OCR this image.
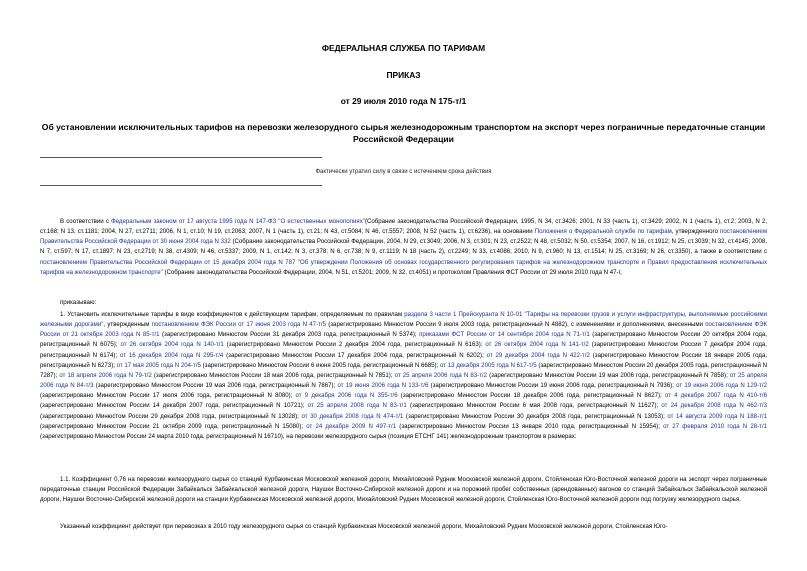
ФЕДЕРАЛЬНАЯ СЛУЖБА ПО ТАРИФАМ
ПРИКАЗ
от 29 июля 2010 года N 175-т/1
Об установлении исключительных тарифов на перевозки железорудного сырья железнодорожным транспортом на экспорт через пограничные передаточные станции Российской Федерации
Фактически утратил силу в связи с истечением срока действия
В соответствии с Федеральным законом от 17 августа 1995 года N 147-ФЗ "О естественных монополиях"(Собрание законодательства Российской Федерации, 1995, N 34, ст.3426; 2001, N 33 (часть 1), ст.3429; 2002, N 1 (часть 1), ст.2; 2003, N 2, ст.168; N 13, ст.1181; 2004, N 27, ст.2711; 2006, N 1, ст.10; N 19, ст.2063; 2007, N 1 (часть 1), ст.21; N 43, ст.5084; N 46, ст.5557; 2008, N 52 (часть 1), ст.6236), на основании Положения о Федеральной службе по тарифам, утвержденного постановлением Правительства Российской Федерации от 30 июня 2004 года N 332 (Собрание законодательства Российской Федерации, 2004, N 29, ст.3049; 2006, N 3, ст.301; N 23, ст.2522; N 48, ст.5032; N 50, ст.5354; 2007, N 16, ст.1912; N 25, ст.3039; N 32, ст.4145; 2008, N 7, ст.597; N 17, ст.1897; N 23, ст.2719; N 38, ст.4309; N 46, ст.5337; 2009, N 1, ст.142; N 3, ст.378; N 6, ст.738; N 9, ст.1119; N 18 (часть 2), ст.2249; N 33, ст.4086; 2010, N 9, ст.960; N 13, ст.1514; N 25, ст.3169; N 26, ст.3350), а также в соответствии с постановлением Правительства Российской Федерации от 15 декабря 2004 года N 787 "Об утверждении Положения об основах государственного регулирования тарифов на железнодорожном транспорте и Правил предоставления исключительных тарифов на железнодорожном транспорте" (Собрание законодательства Российской Федерации, 2004, N 51, ст.5201; 2009, N 32, ст.4051) и протоколом Правления ФСТ России от 29 июля 2010 года N 47-г,
приказываю:
1. Установить исключительные тарифы в виде коэффициентов к действующим тарифам, определяемым по правилам раздела 3 части 1 Прейскуранта N 10-01 "Тарифы на перевозки грузов и услуги инфраструктуры, выполняемые российскими железными дорогами", утвержденным постановлением ФЭК России от 17 июня 2003 года N 47-т/5 (зарегистрировано Минюстом России 9 июля 2003 года, регистрационный N 4882), с изменениями и дополнениями, внесенными постановлением ФЭК России от 21 октября 2003 года N 85-т/1 (зарегистрировано Минюстом России 31 декабря 2003 года, регистрационный N 5374); приказами ФСТ России от 14 сентября 2004 года N 71-т/1 (зарегистрировано Минюстом России 20 октября 2004 года, регистрационный N 6075); от 26 октября 2004 года N 140-т/1 (зарегистрировано Минюстом России 2 декабря 2004 года, регистрационный N 6163); от 26 октября 2004 года N 141-т/2 (зарегистрировано Минюстом России 7 декабря 2004 года, регистрационный N 6174); от 16 декабря 2004 года N 295-т/4 (зарегистрировано Минюстом России 17 декабря 2004 года, регистрационный N 6202); от 29 декабря 2004 года N 422-т/2 (зарегистрировано Минюстом России 18 января 2005 года, регистрационный N 6273); от 17 мая 2005 года N 204-т/5 (зарегистрировано Минюстом России 6 июня 2005 года, регистрационный N 6685); от 13 декабря 2005 года N 617-т/5 (зарегистрировано Минюстом России 20 декабря 2005 года, регистрационный N 7287); от 18 апреля 2006 года N 79-т/2 (зарегистрировано Минюстом России 18 мая 2006 года, регистрационный N 7851); от 25 апреля 2006 года N 83-т/2 (зарегистрировано Минюстом России 19 мая 2006 года, регистрационный N 7858); от 25 апреля 2006 года N 84-т/3 (зарегистрировано Минюстом России 19 мая 2006 года, регистрационный N 7867); от 19 июня 2006 года N 133-т/6 (зарегистрировано Минюстом России 19 июня 2006 года, регистрационный N 7936); от 19 июня 2006 года N 129-т/2 (зарегистрировано Минюстом России 17 июля 2006 года, регистрационный N 8080); от 9 декабря 2006 года N 355-т/6 (зарегистрировано Минюстом России 18 декабря 2006 года, регистрационный N 8627); от 4 декабря 2007 года N 410-т/6 (зарегистрировано Минюстом России 14 декабря 2007 года, регистрационный N 10721); от 25 апреля 2008 года N 83-т/1 (зарегистрировано Минюстом России 6 мая 2008 года, регистрационный N 11627); от 24 декабря 2008 года N 462-т/3 (зарегистрировано Минюстом России 29 декабря 2008 года, регистрационный N 13028); от 30 декабря 2008 года N 474-т/1 (зарегистрировано Минюстом России 30 декабря 2008 года, регистрационный N 13053); от 14 августа 2009 года N 188-т/1 (зарегистрировано Минюстом России 21 октября 2009 года, регистрационный N 15080); от 24 декабря 2009 N 497-т/1 (зарегистрировано Минюстом России 13 января 2010 года, регистрационный N 15954); от 27 февраля 2010 года N 28-т/1 (зарегистрировано Минюстом России 24 марта 2010 года, регистрационный N 16710), на перевозки железорудного сырья (позиция ЕТСНГ 141) железнодорожным транспортом в размерах:
1.1. Коэффициент 0,76 на перевозки железорудного сырья со станций Курбакинская Московской железной дороги, Михайловский Рудник Московской железной дороги, Стойленская Юго-Восточной железной дороги на экспорт через пограничные передаточные станции Российской Федерации Забайкальск Забайкальской железной дороги, Наушки Восточно-Сибирской железной дороги и на порожний пробег собственных (арендованных) вагонов со станций Забайкальск Забайкальской железной дороги, Наушки Восточно-Сибирской железной дороги на станции Курбакинская Московской железной дороги, Михайловский Рудник Московской железной дороги, Стойленская Юго-Восточной железной дороги под погрузку железорудного сырья.
Указанный коэффициент действует при перевозках в 2010 году железорудного сырья со станций Курбакинская Московской железной дороги, Михайловский Рудник Московской железной дороги, Стойленская Юго-
